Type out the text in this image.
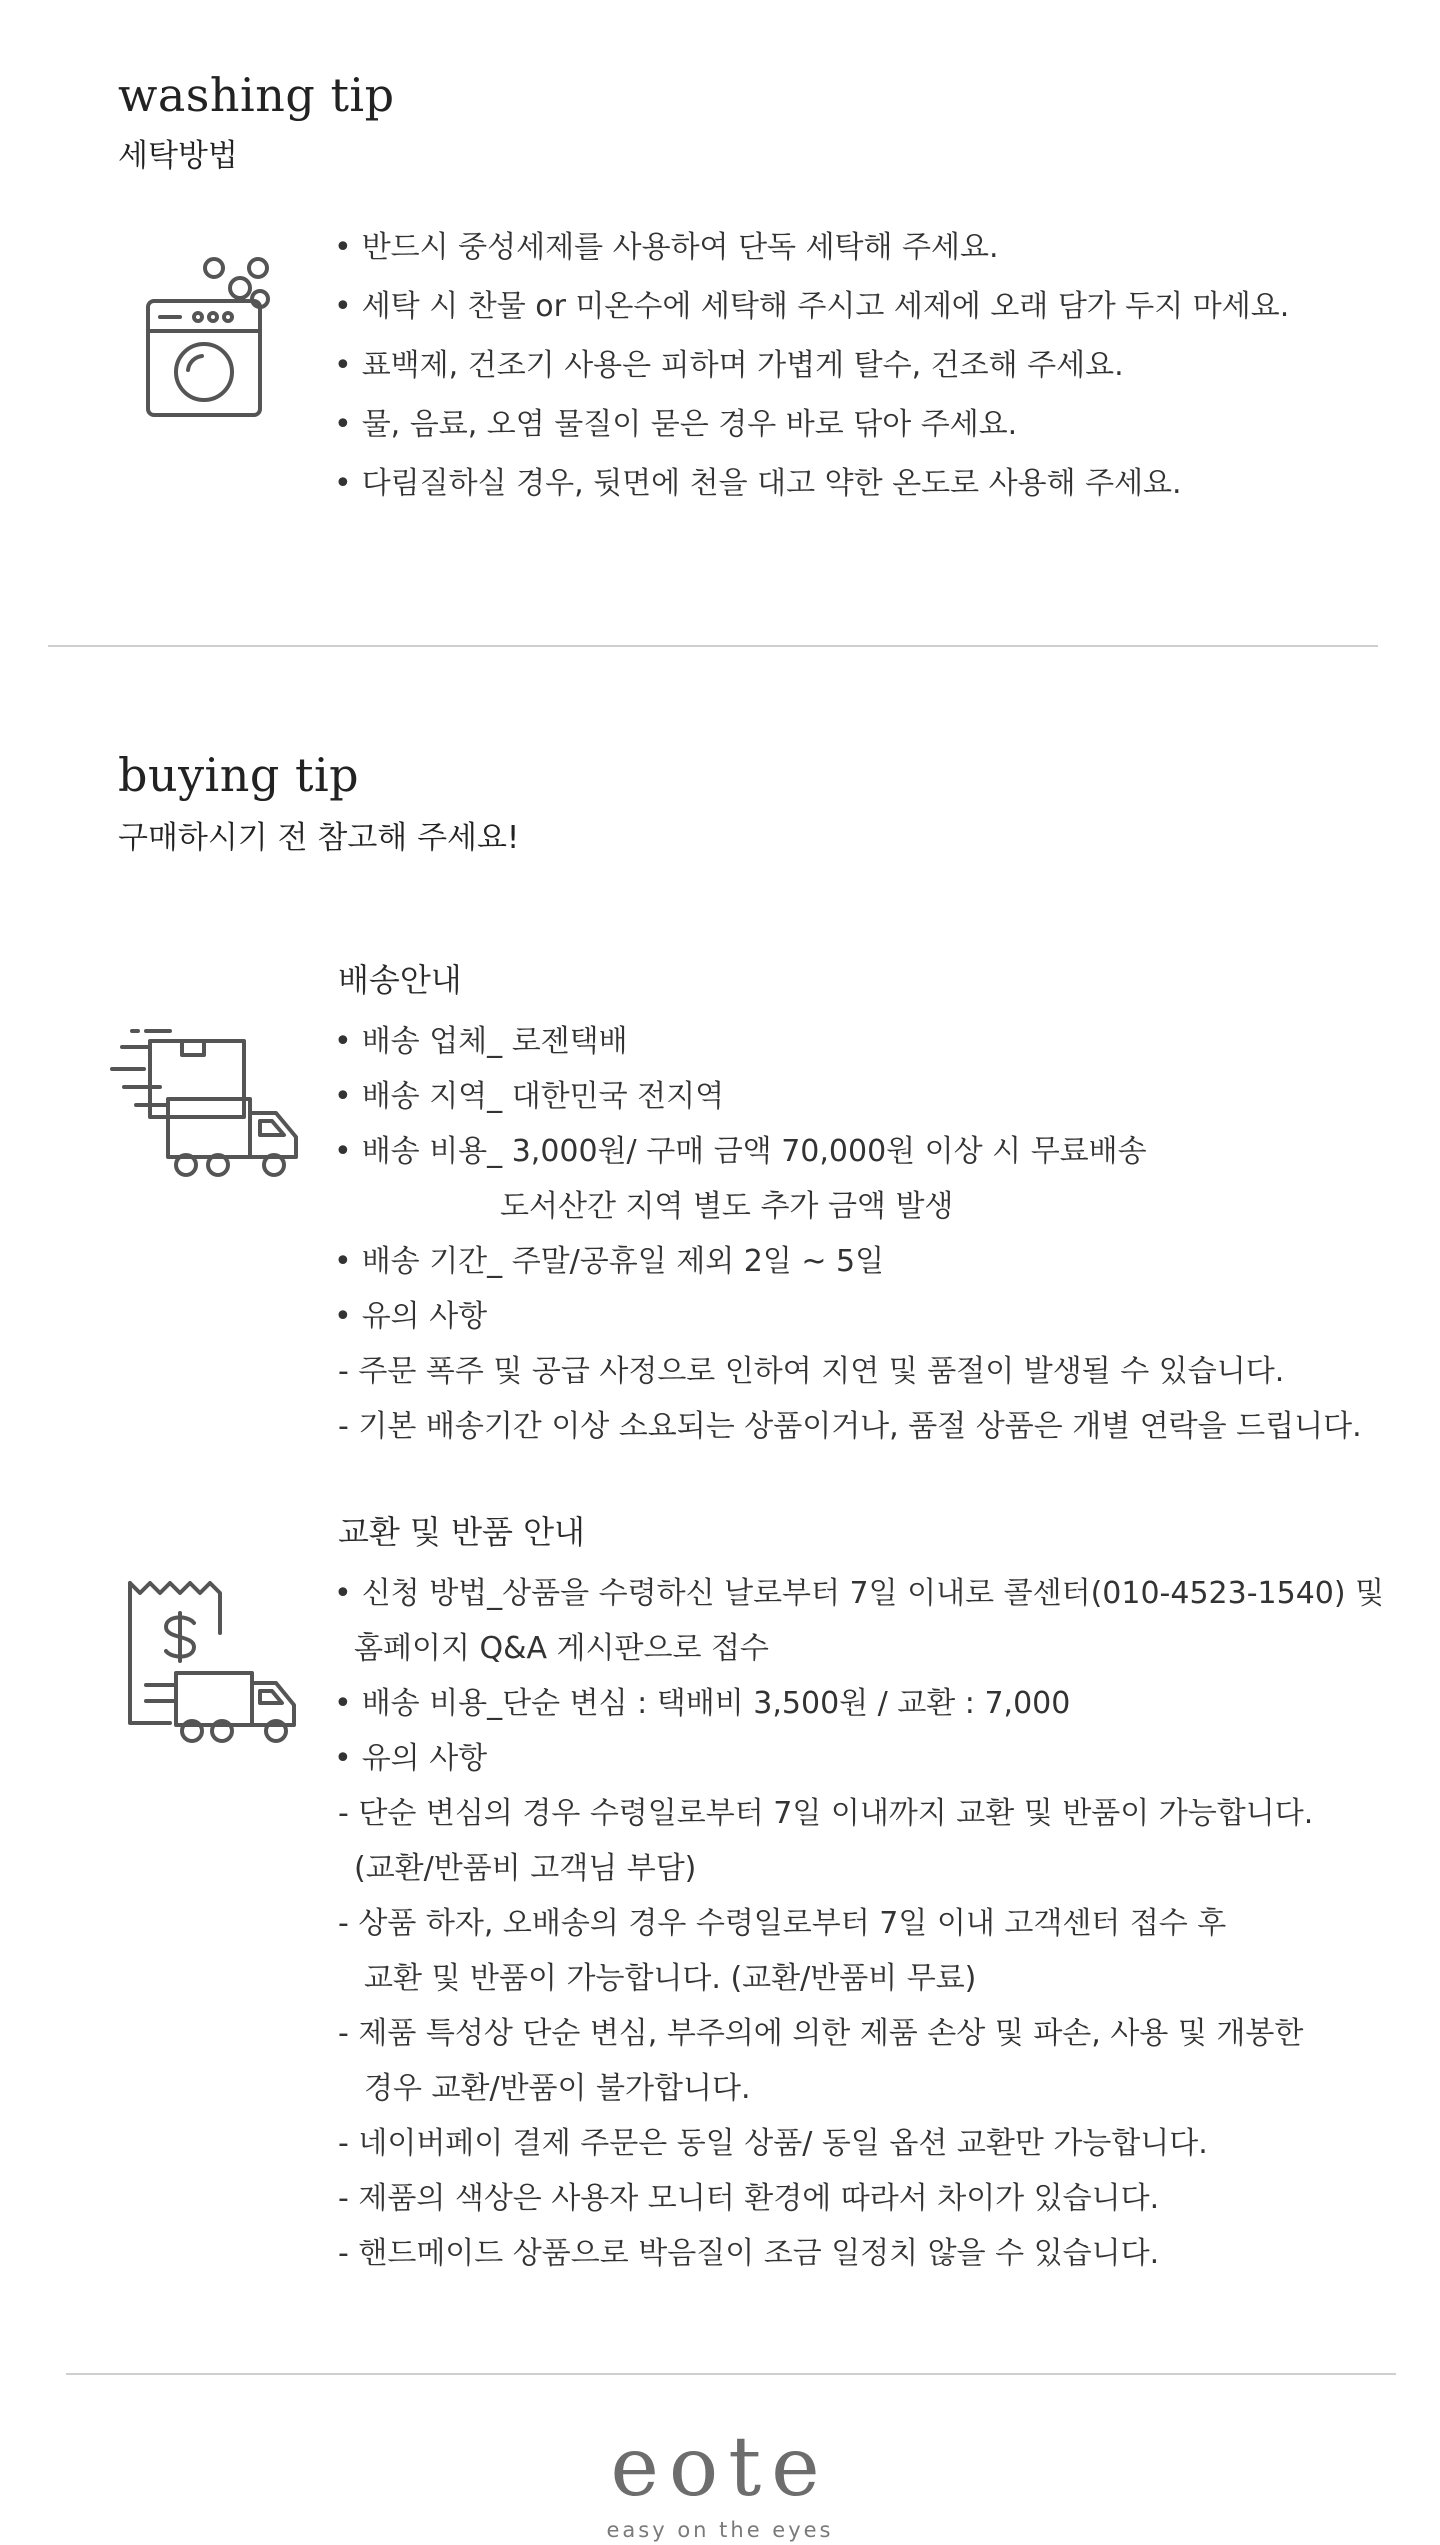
washing tip
세탁방법
• 반드시 중성세제를 사용하여 단독 세탁해 주세요.
• 세탁 시 찬물 or 미온수에 세탁해 주시고 세제에 오래 담가 두지 마세요.
• 표백제, 건조기 사용은 피하며 가볍게 탈수, 건조해 주세요.
• 물, 음료, 오염 물질이 묻은 경우 바로 닦아 주세요.
• 다림질하실 경우, 뒷면에 천을 대고 약한 온도로 사용해 주세요.
buying tip
구매하시기 전 참고해 주세요!
배송안내
• 배송 업체_ 로젠택배
• 배송 지역_ 대한민국 전지역
• 배송 비용_ 3,000원/ 구매 금액 70,000원 이상 시 무료배송
도서산간 지역 별도 추가 금액 발생
• 배송 기간_ 주말/공휴일 제외 2일 ~ 5일
• 유의 사항
- 주문 폭주 및 공급 사정으로 인하여 지연 및 품절이 발생될 수 있습니다.
- 기본 배송기간 이상 소요되는 상품이거나, 품절 상품은 개별 연락을 드립니다.
교환 및 반품 안내
• 신청 방법_상품을 수령하신 날로부터 7일 이내로 콜센터(010-4523-1540) 및
홈페이지 Q&A 게시판으로 접수
• 배송 비용_단순 변심 : 택배비 3,500원 / 교환 : 7,000
• 유의 사항
- 단순 변심의 경우 수령일로부터 7일 이내까지 교환 및 반품이 가능합니다.
(교환/반품비 고객님 부담)
- 상품 하자, 오배송의 경우 수령일로부터 7일 이내 고객센터 접수 후
교환 및 반품이 가능합니다. (교환/반품비 무료)
- 제품 특성상 단순 변심, 부주의에 의한 제품 손상 및 파손, 사용 및 개봉한
경우 교환/반품이 불가합니다.
- 네이버페이 결제 주문은 동일 상품/ 동일 옵션 교환만 가능합니다.
- 제품의 색상은 사용자 모니터 환경에 따라서 차이가 있습니다.
- 핸드메이드 상품으로 박음질이 조금 일정치 않을 수 있습니다.
eote
easy on the eyes
